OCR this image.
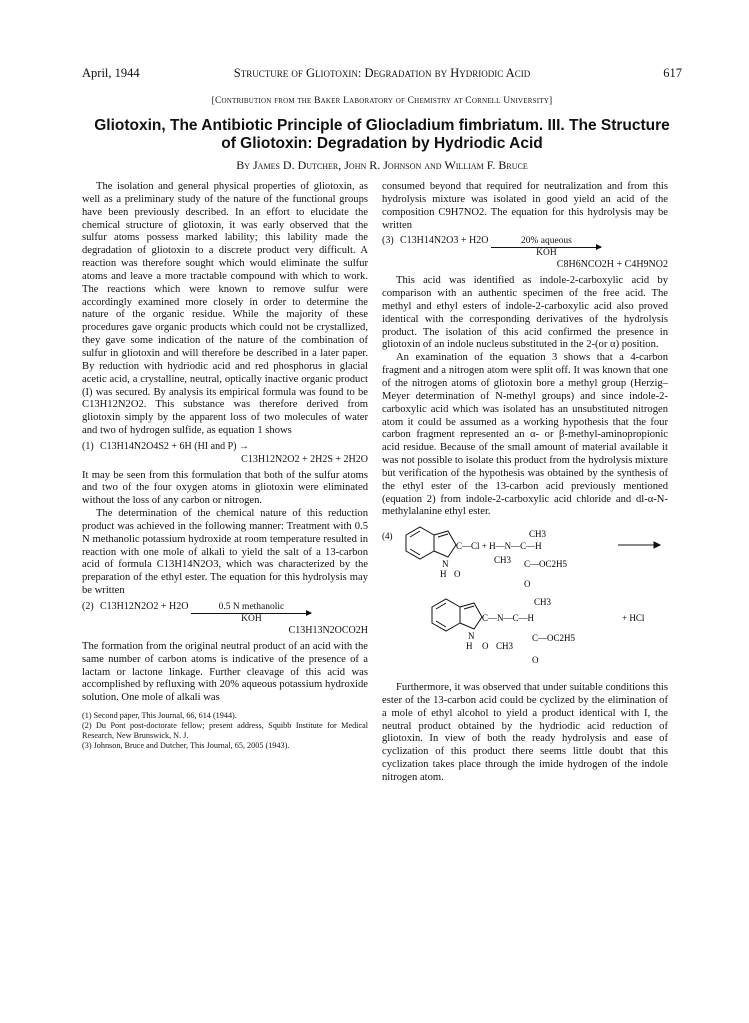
April, 1944	Structure of Gliotoxin: Degradation by Hydriodic Acid	617
[Contribution from the Baker Laboratory of Chemistry at Cornell University]
Gliotoxin, The Antibiotic Principle of Gliocladium fimbriatum. III. The Structure
of Gliotoxin: Degradation by Hydriodic Acid
By James D. Dutcher, John R. Johnson and William F. Bruce

The isolation and general physical properties of gliotoxin, as well as a preliminary study of the nature of the functional groups have been previously described. In an effort to elucidate the chemical structure of gliotoxin, it was early observed that the sulfur atoms possess marked lability; this lability made the degradation of gliotoxin to a discrete product very difficult. A reaction was therefore sought which would eliminate the sulfur atoms and leave a more tractable compound with which to work. The reactions which were known to remove sulfur were accordingly examined more closely in order to determine the nature of the organic residue. While the majority of these procedures gave organic products which could not be crystallized, they gave some indication of the nature of the combination of sulfur in gliotoxin and will therefore be described in a later paper. By reduction with hydriodic acid and red phosphorus in glacial acetic acid, a crystalline, neutral, optically inactive organic product (I) was secured. By analysis its empirical formula was found to be C13H12N2O2. This substance was therefore derived from gliotoxin simply by the apparent loss of two molecules of water and two of hydrogen sulfide, as equation 1 shows

(1) C13H14N2O4S2 + 6H (HI and P) →
C13H12N2O2 + 2H2S + 2H2O

It may be seen from this formulation that both of the sulfur atoms and two of the four oxygen atoms in gliotoxin were eliminated without the loss of any carbon or nitrogen.

The determination of the chemical nature of this reduction product was achieved in the following manner: Treatment with 0.5 N methanolic potassium hydroxide at room temperature resulted in reaction with one mole of alkali to yield the salt of a 13-carbon acid of formula C13H14N2O3, which was characterized by the preparation of the ethyl ester. The equation for this hydrolysis may be written

(2) C13H12N2O2 + H2O	0.5 N methanolic
KOH
C13H13N2OCO2H

The formation from the original neutral product of an acid with the same number of carbon atoms is indicative of the presence of a lactam or lactone linkage. Further cleavage of this acid was accomplished by refluxing with 20% aqueous potassium hydroxide solution. One mole of alkali was

(1) Second paper, This Journal, 66, 614 (1944).
(2) Du Pont post-doctorate fellow; present address, Squibb Institute for Medical Research, New Brunswick, N. J.
(3) Johnson, Bruce and Dutcher, This Journal, 65, 2005 (1943).

consumed beyond that required for neutralization and from this hydrolysis mixture was isolated in good yield an acid of the composition C9H7NO2. The equation for this hydrolysis may be written

(3) C13H14N2O3 + H2O	20% aqueous
KOH
C8H6NCO2H + C4H9NO2

This acid was identified as indole-2-carboxylic acid by comparison with an authentic specimen of the free acid. The methyl and ethyl esters of indole-2-carboxylic acid also proved identical with the corresponding derivatives of the hydrolysis product. The isolation of this acid confirmed the presence in gliotoxin of an indole nucleus substituted in the 2-(or α) position.

An examination of the equation 3 shows that a 4-carbon fragment and a nitrogen atom were split off. It was known that one of the nitrogen atoms of gliotoxin bore a methyl group (Herzig–Meyer determination of N-methyl groups) and since indole-2-carboxylic acid which was isolated has an unsubstituted nitrogen atom it could be assumed as a working hypothesis that the four carbon fragment represented an α- or β-methyl-aminopropionic acid residue. Because of the small amount of material available it was not possible to isolate this product from the hydrolysis mixture but verification of the hypothesis was obtained by the synthesis of the ethyl ester of the 13-carbon acid previously mentioned (equation 2) from indole-2-carboxylic acid chloride and dl-α-N-methylalanine ethyl ester.

(4)
N
H
C—Cl + H—N—C—H
O
CH3
CH3 C—OC2H5
O
N
H
C—N—C—H
O
CH3
CH3
C—OC2H5
O
+ HCl

Furthermore, it was observed that under suitable conditions this ester of the 13-carbon acid could be cyclized by the elimination of a mole of ethyl alcohol to yield a product identical with I, the neutral product obtained by the hydriodic acid reduction of gliotoxin. In view of both the ready hydrolysis and ease of cyclization of this product there seems little doubt that this cyclization takes place through the imide hydrogen of the indole nitrogen atom.
